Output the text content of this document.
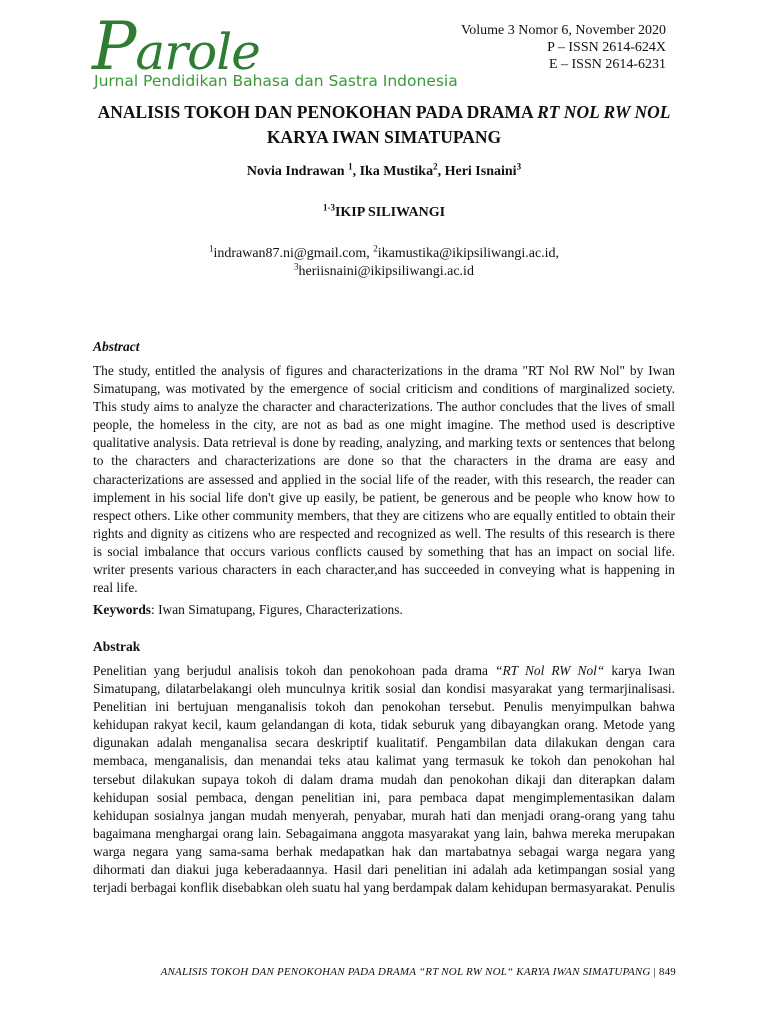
Parole
Jurnal Pendidikan Bahasa dan Sastra Indonesia
Volume 3 Nomor 6, November 2020
P – ISSN 2614-624X
E – ISSN 2614-6231
ANALISIS TOKOH DAN PENOKOHAN PADA DRAMA RT NOL RW NOL KARYA IWAN SIMATUPANG
Novia Indrawan $^1$, Ika Mustika$^2$, Heri Isnaini$^3$
$^{1-3}$IKIP SILIWANGI
$^1$indrawan87.ni@gmail.com, $^2$ikamustika@ikipsiliwangi.ac.id,
$^3$heriisnaini@ikipsiliwangi.ac.id
Abstract

The study, entitled the analysis of figures and characterizations in the drama "RT Nol RW Nol" by Iwan Simatupang, was motivated by the emergence of social criticism and conditions of marginalized society. This study aims to analyze the character and characterizations. The author concludes that the lives of small people, the homeless in the city, are not as bad as one might imagine. The method used is descriptive qualitative analysis. Data retrieval is done by reading, analyzing, and marking texts or sentences that belong to the characters and characterizations are done so that the characters in the drama are easy and characterizations are assessed and applied in the social life of the reader, with this research, the reader can implement in his social life don't give up easily, be patient, be generous and be people who know how to respect others. Like other community members, that they are citizens who are equally entitled to obtain their rights and dignity as citizens who are respected and recognized as well. The results of this research is there is social imbalance that occurs various conflicts caused by something that has an impact on social life. writer presents various characters in each character,and has succeeded in conveying what is happening in real life.

Keywords: Iwan Simatupang, Figures, Characterizations.

Abstrak

Penelitian yang berjudul analisis tokoh dan penokohoan pada drama “RT Nol RW Nol“ karya Iwan Simatupang, dilatarbelakangi oleh munculnya kritik sosial dan kondisi masyarakat yang termarjinalisasi. Penelitian ini bertujuan menganalisis tokoh dan penokohan tersebut. Penulis menyimpulkan bahwa kehidupan rakyat kecil, kaum gelandangan di kota, tidak seburuk yang dibayangkan orang. Metode yang digunakan adalah menganalisa secara deskriptif kualitatif. Pengambilan data dilakukan dengan cara membaca, menganalisis, dan menandai teks atau kalimat yang termasuk ke tokoh dan penokohan hal tersebut dilakukan supaya tokoh di dalam drama mudah dan penokohan dikaji dan diterapkan dalam kehidupan sosial pembaca, dengan penelitian ini, para pembaca dapat mengimplementasikan dalam kehidupan sosialnya jangan mudah menyerah, penyabar, murah hati dan menjadi orang-orang yang tahu bagaimana menghargai orang lain. Sebagaimana anggota masyarakat yang lain, bahwa mereka merupakan warga negara yang sama-sama berhak medapatkan hak dan martabatnya sebagai warga negara yang dihormati dan diakui juga keberadaannya. Hasil dari penelitian ini adalah ada ketimpangan sosial yang terjadi berbagai konflik disebabkan oleh suatu hal yang berdampak dalam kehidupan bermasyarakat. Penulis

ANALISIS TOKOH DAN PENOKOHAN PADA DRAMA “RT NOL RW NOL“ KARYA IWAN SIMATUPANG | 849
